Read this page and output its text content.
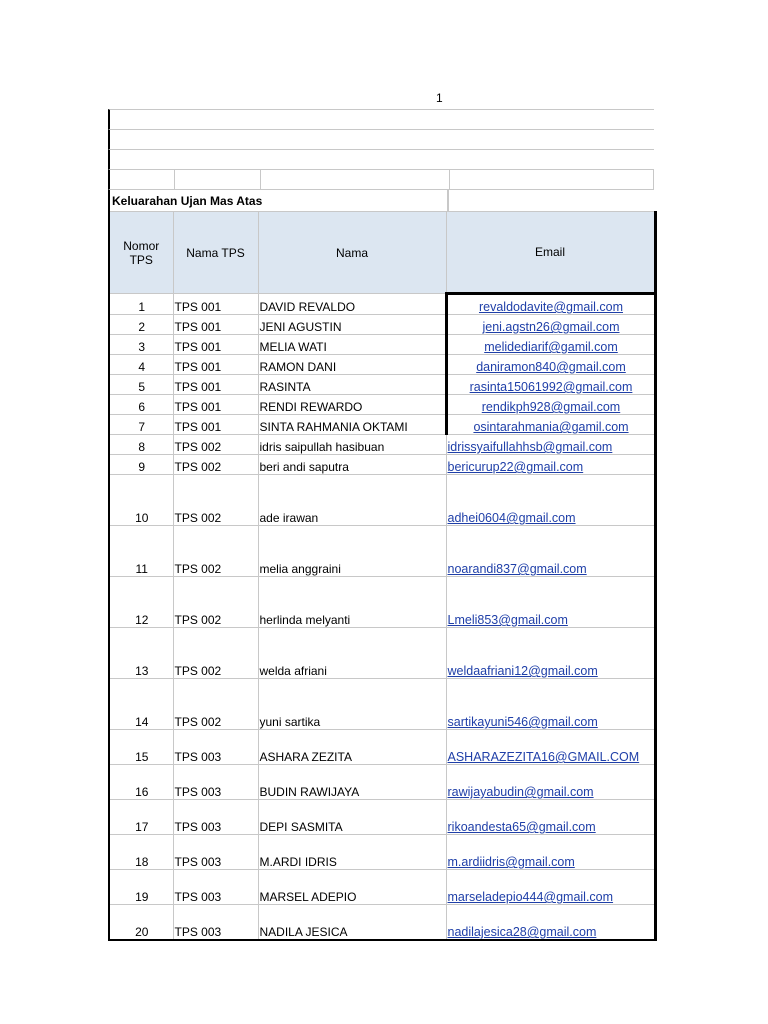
1
Keluarahan Ujan Mas Atas
Nomor TPS	Nama TPS	Nama	Email
1	TPS 001	DAVID REVALDO	revaldodavite@gmail.com
2	TPS 001	JENI AGUSTIN	jeni.agstn26@gmail.com
3	TPS 001	MELIA WATI	melidediarif@gamil.com
4	TPS 001	RAMON DANI	daniramon840@gmail.com
5	TPS 001	RASINTA	rasinta15061992@gmail.com
6	TPS 001	RENDI REWARDO	rendikph928@gmail.com
7	TPS 001	SINTA RAHMANIA OKTAMI	osintarahmania@gamil.com
8	TPS 002	idris saipullah hasibuan	idrissyaifullahhsb@gmail.com
9	TPS 002	beri andi saputra	bericurup22@gmail.com
10	TPS 002	ade irawan	adhei0604@gmail.com
11	TPS 002	melia anggraini	noarandi837@gmail.com
12	TPS 002	herlinda melyanti	Lmeli853@gmail.com
13	TPS 002	welda afriani	weldaafriani12@gmail.com
14	TPS 002	yuni sartika	sartikayuni546@gmail.com
15	TPS 003	ASHARA ZEZITA	ASHARAZEZITA16@GMAIL.COM
16	TPS 003	BUDIN RAWIJAYA	rawijayabudin@gmail.com
17	TPS 003	DEPI SASMITA	rikoandesta65@gmail.com
18	TPS 003	M.ARDI IDRIS	m.ardiidris@gmail.com
19	TPS 003	MARSEL ADEPIO	marseladepio444@gmail.com
20	TPS 003	NADILA JESICA	nadilajesica28@gmail.com
